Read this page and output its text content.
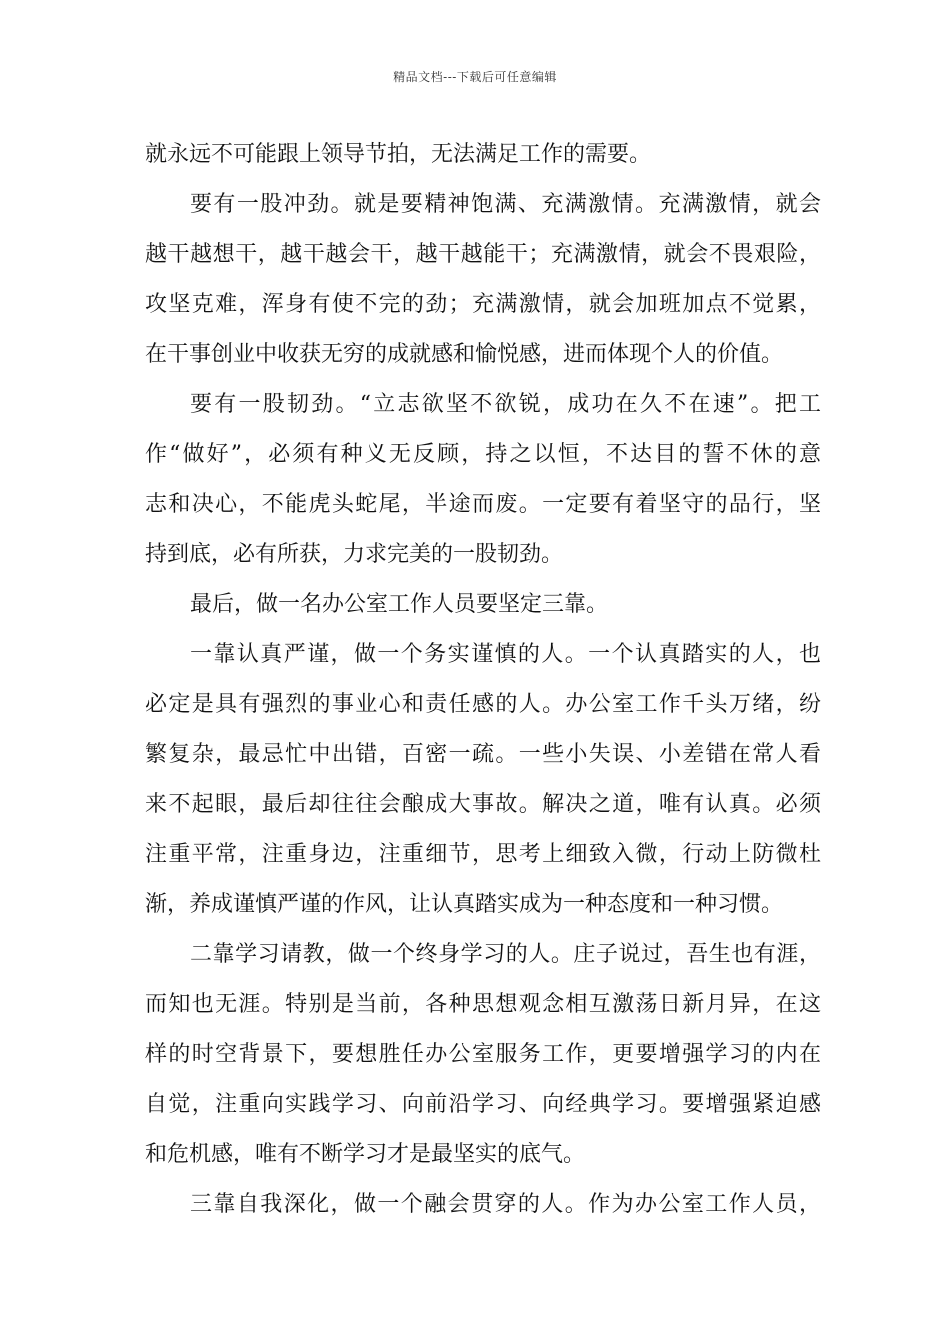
精品文档---下载后可任意编辑
就永远不可能跟上领导节拍，无法满足工作的需要。
要有一股冲劲。就是要精神饱满、充满激情。充满激情，就会
越干越想干，越干越会干，越干越能干；充满激情，就会不畏艰险，
攻坚克难，浑身有使不完的劲；充满激情，就会加班加点不觉累，
在干事创业中收获无穷的成就感和愉悦感，进而体现个人的价值。
要有一股韧劲。“立志欲坚不欲锐，成功在久不在速”。把工
作“做好”，必须有种义无反顾，持之以恒，不达目的誓不休的意
志和决心，不能虎头蛇尾，半途而废。一定要有着坚守的品行，坚
持到底，必有所获，力求完美的一股韧劲。
最后，做一名办公室工作人员要坚定三靠。
一靠认真严谨，做一个务实谨慎的人。一个认真踏实的人，也
必定是具有强烈的事业心和责任感的人。办公室工作千头万绪，纷
繁复杂，最忌忙中出错，百密一疏。一些小失误、小差错在常人看
来不起眼，最后却往往会酿成大事故。解决之道，唯有认真。必须
注重平常，注重身边，注重细节，思考上细致入微，行动上防微杜
渐，养成谨慎严谨的作风，让认真踏实成为一种态度和一种习惯。
二靠学习请教，做一个终身学习的人。庄子说过，吾生也有涯，
而知也无涯。特别是当前，各种思想观念相互激荡日新月异，在这
样的时空背景下，要想胜任办公室服务工作，更要增强学习的内在
自觉，注重向实践学习、向前沿学习、向经典学习。要增强紧迫感
和危机感，唯有不断学习才是最坚实的底气。
三靠自我深化，做一个融会贯穿的人。作为办公室工作人员，
